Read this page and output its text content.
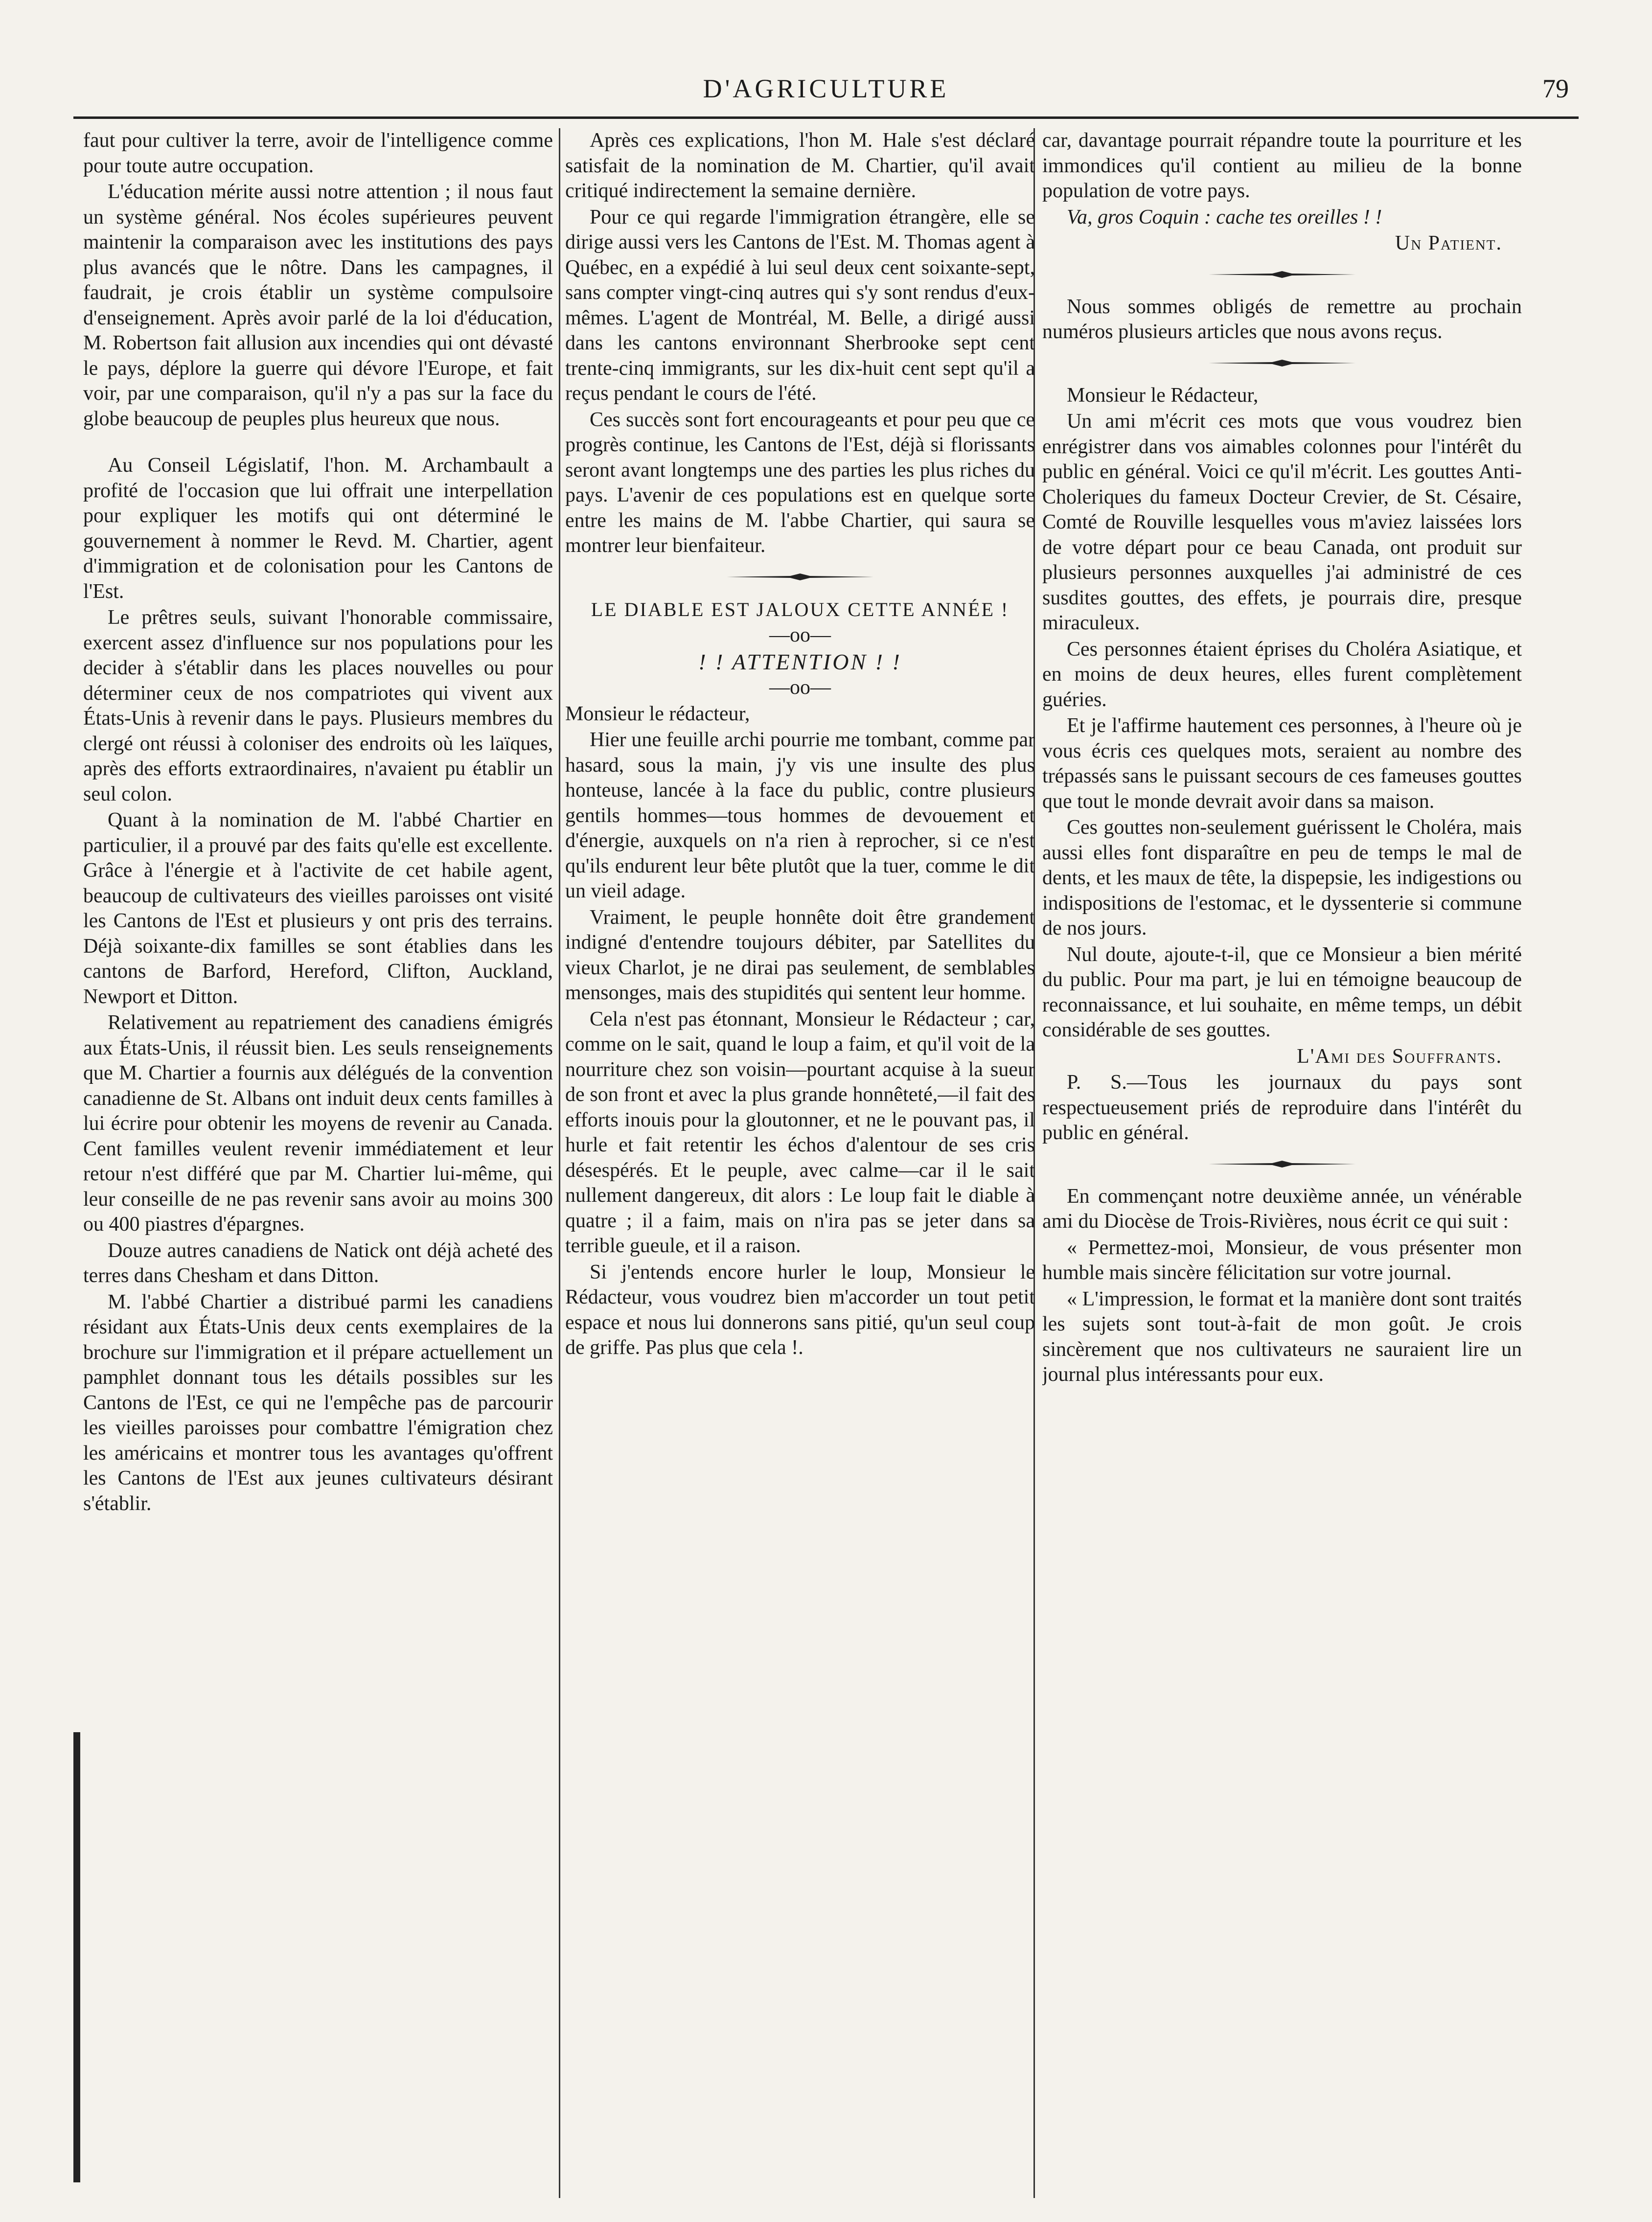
D'AGRICULTURE	79

faut pour cultiver la terre, avoir de l'intelligence comme pour toute autre occupation.

L'éducation mérite aussi notre attention ; il nous faut un système général. Nos écoles supérieures peuvent maintenir la comparaison avec les institutions des pays plus avancés que le nôtre. Dans les campagnes, il faudrait, je crois établir un système compulsoire d'enseignement. Après avoir parlé de la loi d'éducation, M. Robertson fait allusion aux incendies qui ont dévasté le pays, déplore la guerre qui dévore l'Europe, et fait voir, par une comparaison, qu'il n'y a pas sur la face du globe beaucoup de peuples plus heureux que nous.

Au Conseil Législatif, l'hon. M. Archambault a profité de l'occasion que lui offrait une interpellation pour expliquer les motifs qui ont déterminé le gouvernement à nommer le Revd. M. Chartier, agent d'immigration et de colonisation pour les Cantons de l'Est.

Le prêtres seuls, suivant l'honorable commissaire, exercent assez d'influence sur nos populations pour les decider à s'établir dans les places nouvelles ou pour déterminer ceux de nos compatriotes qui vivent aux États-Unis à revenir dans le pays. Plusieurs membres du clergé ont réussi à coloniser des endroits où les laïques, après des efforts extraordinaires, n'avaient pu établir un seul colon.

Quant à la nomination de M. l'abbé Chartier en particulier, il a prouvé par des faits qu'elle est excellente. Grâce à l'énergie et à l'activite de cet habile agent, beaucoup de cultivateurs des vieilles paroisses ont visité les Cantons de l'Est et plusieurs y ont pris des terrains. Déjà soixante-dix familles se sont établies dans les cantons de Barford, Hereford, Clifton, Auckland, Newport et Ditton.

Relativement au repatriement des canadiens émigrés aux États-Unis, il réussit bien. Les seuls renseignements que M. Chartier a fournis aux délégués de la convention canadienne de St. Albans ont induit deux cents familles à lui écrire pour obtenir les moyens de revenir au Canada. Cent familles veulent revenir immédiatement et leur retour n'est différé que par M. Chartier lui-même, qui leur conseille de ne pas revenir sans avoir au moins 300 ou 400 piastres d'épargnes.

Douze autres canadiens de Natick ont déjà acheté des terres dans Chesham et dans Ditton.

M. l'abbé Chartier a distribué parmi les canadiens résidant aux États-Unis deux cents exemplaires de la brochure sur l'immigration et il prépare actuellement un pamphlet donnant tous les détails possibles sur les Cantons de l'Est, ce qui ne l'empêche pas de parcourir les vieilles paroisses pour combattre l'émigration chez les américains et montrer tous les avantages qu'offrent les Cantons de l'Est aux jeunes cultivateurs désirant s'établir.

Après ces explications, l'hon M. Hale s'est déclaré satisfait de la nomination de M. Chartier, qu'il avait critiqué indirectement la semaine dernière.

Pour ce qui regarde l'immigration étrangère, elle se dirige aussi vers les Cantons de l'Est. M. Thomas agent à Québec, en a expédié à lui seul deux cent soixante-sept, sans compter vingt-cinq autres qui s'y sont rendus d'eux-mêmes. L'agent de Montréal, M. Belle, a dirigé aussi dans les cantons environnant Sherbrooke sept cent trente-cinq immigrants, sur les dix-huit cent sept qu'il a reçus pendant le cours de l'été.

Ces succès sont fort encourageants et pour peu que ce progrès continue, les Cantons de l'Est, déjà si florissants seront avant longtemps une des parties les plus riches du pays. L'avenir de ces populations est en quelque sorte entre les mains de M. l'abbe Chartier, qui saura se montrer leur bienfaiteur.

LE DIABLE EST JALOUX CETTE ANNÉE !

—oo—

! ! ATTENTION ! !

—oo—

Monsieur le rédacteur,

Hier une feuille archi pourrie me tombant, comme par hasard, sous la main, j'y vis une insulte des plus honteuse, lancée à la face du public, contre plusieurs gentils hommes—tous hommes de devouement et d'énergie, auxquels on n'a rien à reprocher, si ce n'est qu'ils endurent leur bête plutôt que la tuer, comme le dit un vieil adage.

Vraiment, le peuple honnête doit être grandement indigné d'entendre toujours débiter, par Satellites du vieux Charlot, je ne dirai pas seulement, de semblables mensonges, mais des stupidités qui sentent leur homme.

Cela n'est pas étonnant, Monsieur le Rédacteur ; car, comme on le sait, quand le loup a faim, et qu'il voit de la nourriture chez son voisin—pourtant acquise à la sueur de son front et avec la plus grande honnêteté,—il fait des efforts inouis pour la gloutonner, et ne le pouvant pas, il hurle et fait retentir les échos d'alentour de ses cris désespérés. Et le peuple, avec calme—car il le sait nullement dangereux, dit alors : Le loup fait le diable à quatre ; il a faim, mais on n'ira pas se jeter dans sa terrible gueule, et il a raison.

Si j'entends encore hurler le loup, Monsieur le Rédacteur, vous voudrez bien m'accorder un tout petit espace et nous lui donnerons sans pitié, qu'un seul coup de griffe. Pas plus que cela !.

car, davantage pourrait répandre toute la pourriture et les immondices qu'il contient au milieu de la bonne population de votre pays.

Va, gros Coquin : cache tes oreilles ! !

Un Patient.

Nous sommes obligés de remettre au prochain numéros plusieurs articles que nous avons reçus.

Monsieur le Rédacteur,

Un ami m'écrit ces mots que vous voudrez bien enrégistrer dans vos aimables colonnes pour l'intérêt du public en général. Voici ce qu'il m'écrit. Les gouttes Anti-Choleriques du fameux Docteur Crevier, de St. Césaire, Comté de Rouville lesquelles vous m'aviez laissées lors de votre départ pour ce beau Canada, ont produit sur plusieurs personnes auxquelles j'ai administré de ces susdites gouttes, des effets, je pourrais dire, presque miraculeux.

Ces personnes étaient éprises du Choléra Asiatique, et en moins de deux heures, elles furent complètement guéries.

Et je l'affirme hautement ces personnes, à l'heure où je vous écris ces quelques mots, seraient au nombre des trépassés sans le puissant secours de ces fameuses gouttes que tout le monde devrait avoir dans sa maison.

Ces gouttes non-seulement guérissent le Choléra, mais aussi elles font disparaître en peu de temps le mal de dents, et les maux de tête, la dispepsie, les indigestions ou indispositions de l'estomac, et le dyssenterie si commune de nos jours.

Nul doute, ajoute-t-il, que ce Monsieur a bien mérité du public. Pour ma part, je lui en témoigne beaucoup de reconnaissance, et lui souhaite, en même temps, un débit considérable de ses gouttes.

L'Ami des Souffrants.

P. S.—Tous les journaux du pays sont respectueusement priés de reproduire dans l'intérêt du public en général.

En commençant notre deuxième année, un vénérable ami du Diocèse de Trois-Rivières, nous écrit ce qui suit :

« Permettez-moi, Monsieur, de vous présenter mon humble mais sincère félicitation sur votre journal.

« L'impression, le format et la manière dont sont traités les sujets sont tout-à-fait de mon goût. Je crois sincèrement que nos cultivateurs ne sauraient lire un journal plus intéressants pour eux.
